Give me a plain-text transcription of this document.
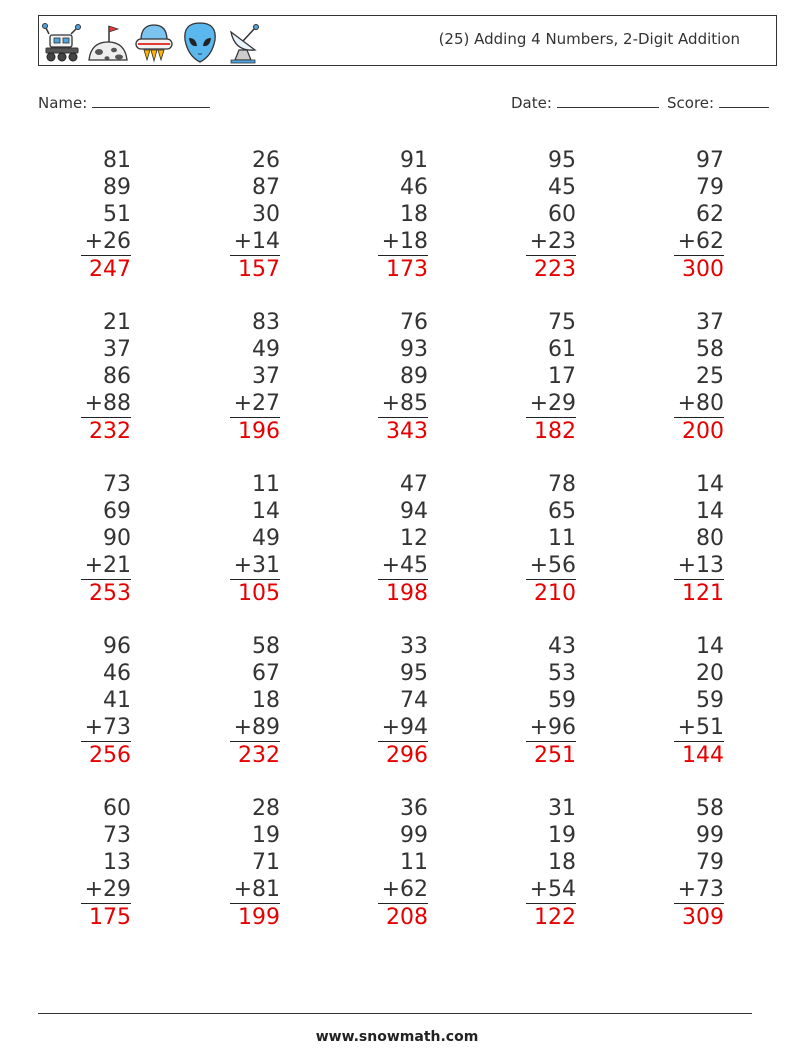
(25) Adding 4 Numbers, 2-Digit Addition
Name:	Date:	Score:
81
89
51
+26
247
26
87
30
+14
157
91
46
18
+18
173
95
45
60
+23
223
97
79
62
+62
300
21
37
86
+88
232
83
49
37
+27
196
76
93
89
+85
343
75
61
17
+29
182
37
58
25
+80
200
73
69
90
+21
253
11
14
49
+31
105
47
94
12
+45
198
78
65
11
+56
210
14
14
80
+13
121
96
46
41
+73
256
58
67
18
+89
232
33
95
74
+94
296
43
53
59
+96
251
14
20
59
+51
144
60
73
13
+29
175
28
19
71
+81
199
36
99
11
+62
208
31
19
18
+54
122
58
99
79
+73
309
www.snowmath.com
